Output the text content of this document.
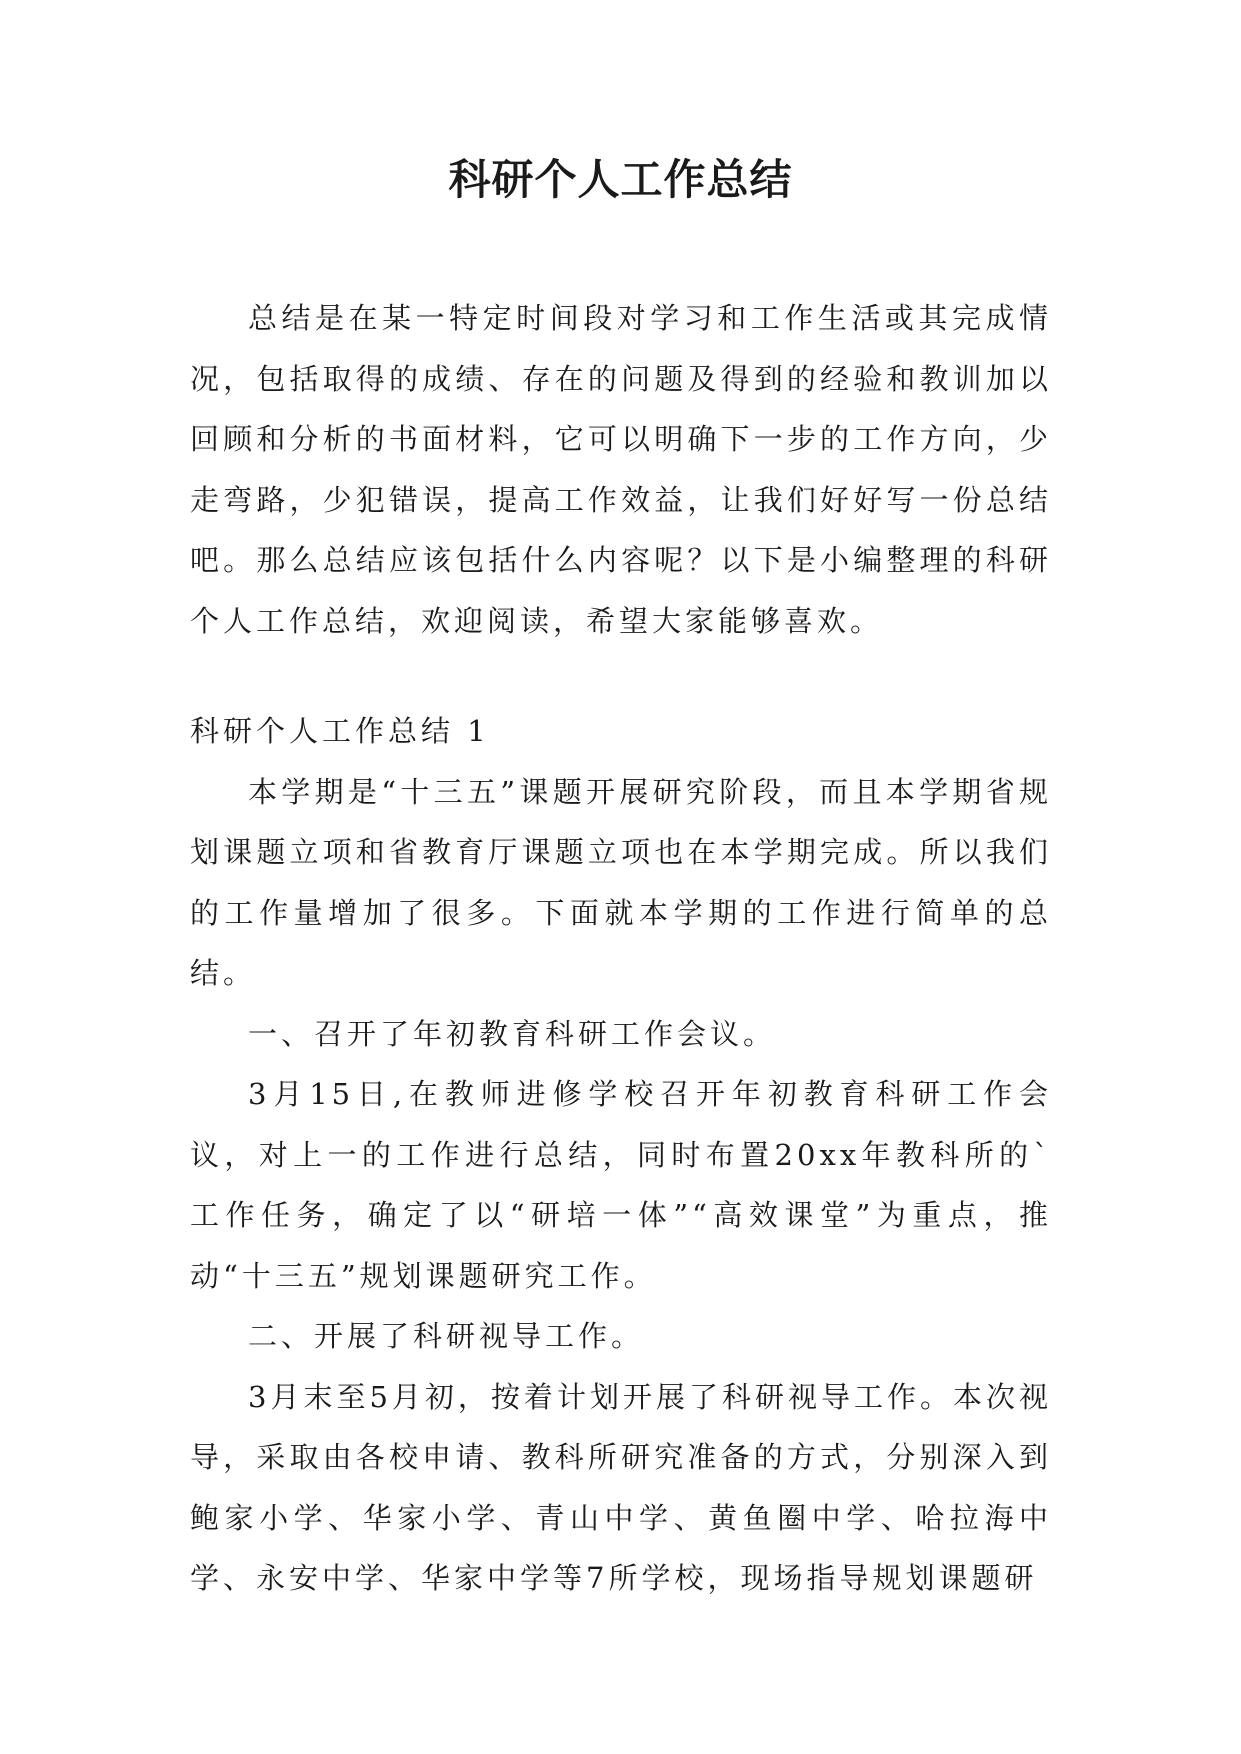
科研个人工作总结

总结是在某一特定时间段对学习和工作生活或其完成情况，包括取得的成绩、存在的问题及得到的经验和教训加以回顾和分析的书面材料，它可以明确下一步的工作方向，少走弯路，少犯错误，提高工作效益，让我们好好写一份总结吧。那么总结应该包括什么内容呢？以下是小编整理的科研个人工作总结，欢迎阅读，希望大家能够喜欢。

科研个人工作总结 1

本学期是“十三五”课题开展研究阶段，而且本学期省规划课题立项和省教育厅课题立项也在本学期完成。所以我们的工作量增加了很多。下面就本学期的工作进行简单的总结。

一、召开了年初教育科研工作会议。

3月15日,在教师进修学校召开年初教育科研工作会议，对上一的工作进行总结，同时布置20xx年教科所的`工作任务，确定了以“研培一体”“高效课堂”为重点，推动“十三五”规划课题研究工作。

二、开展了科研视导工作。

3月末至5月初，按着计划开展了科研视导工作。本次视导，采取由各校申请、教科所研究准备的方式，分别深入到鲍家小学、华家小学、青山中学、黄鱼圈中学、哈拉海中学、永安中学、华家中学等7所学校，现场指导规划课题研
